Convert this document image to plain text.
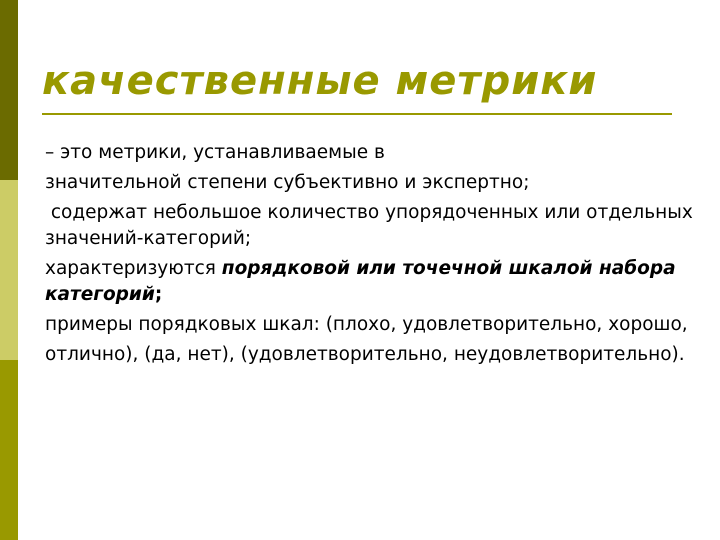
качественные метрики

– это метрики, устанавливаемые в

значительной степени субъективно и экспертно;

содержат небольшое количество упорядоченных или отдельных значений-категорий;

характеризуются порядковой или точечной шкалой набора категорий;

примеры порядковых шкал: (плохо, удовлетворительно, хорошо,

отлично), (да, нет), (удовлетворительно, неудовлетворительно).
